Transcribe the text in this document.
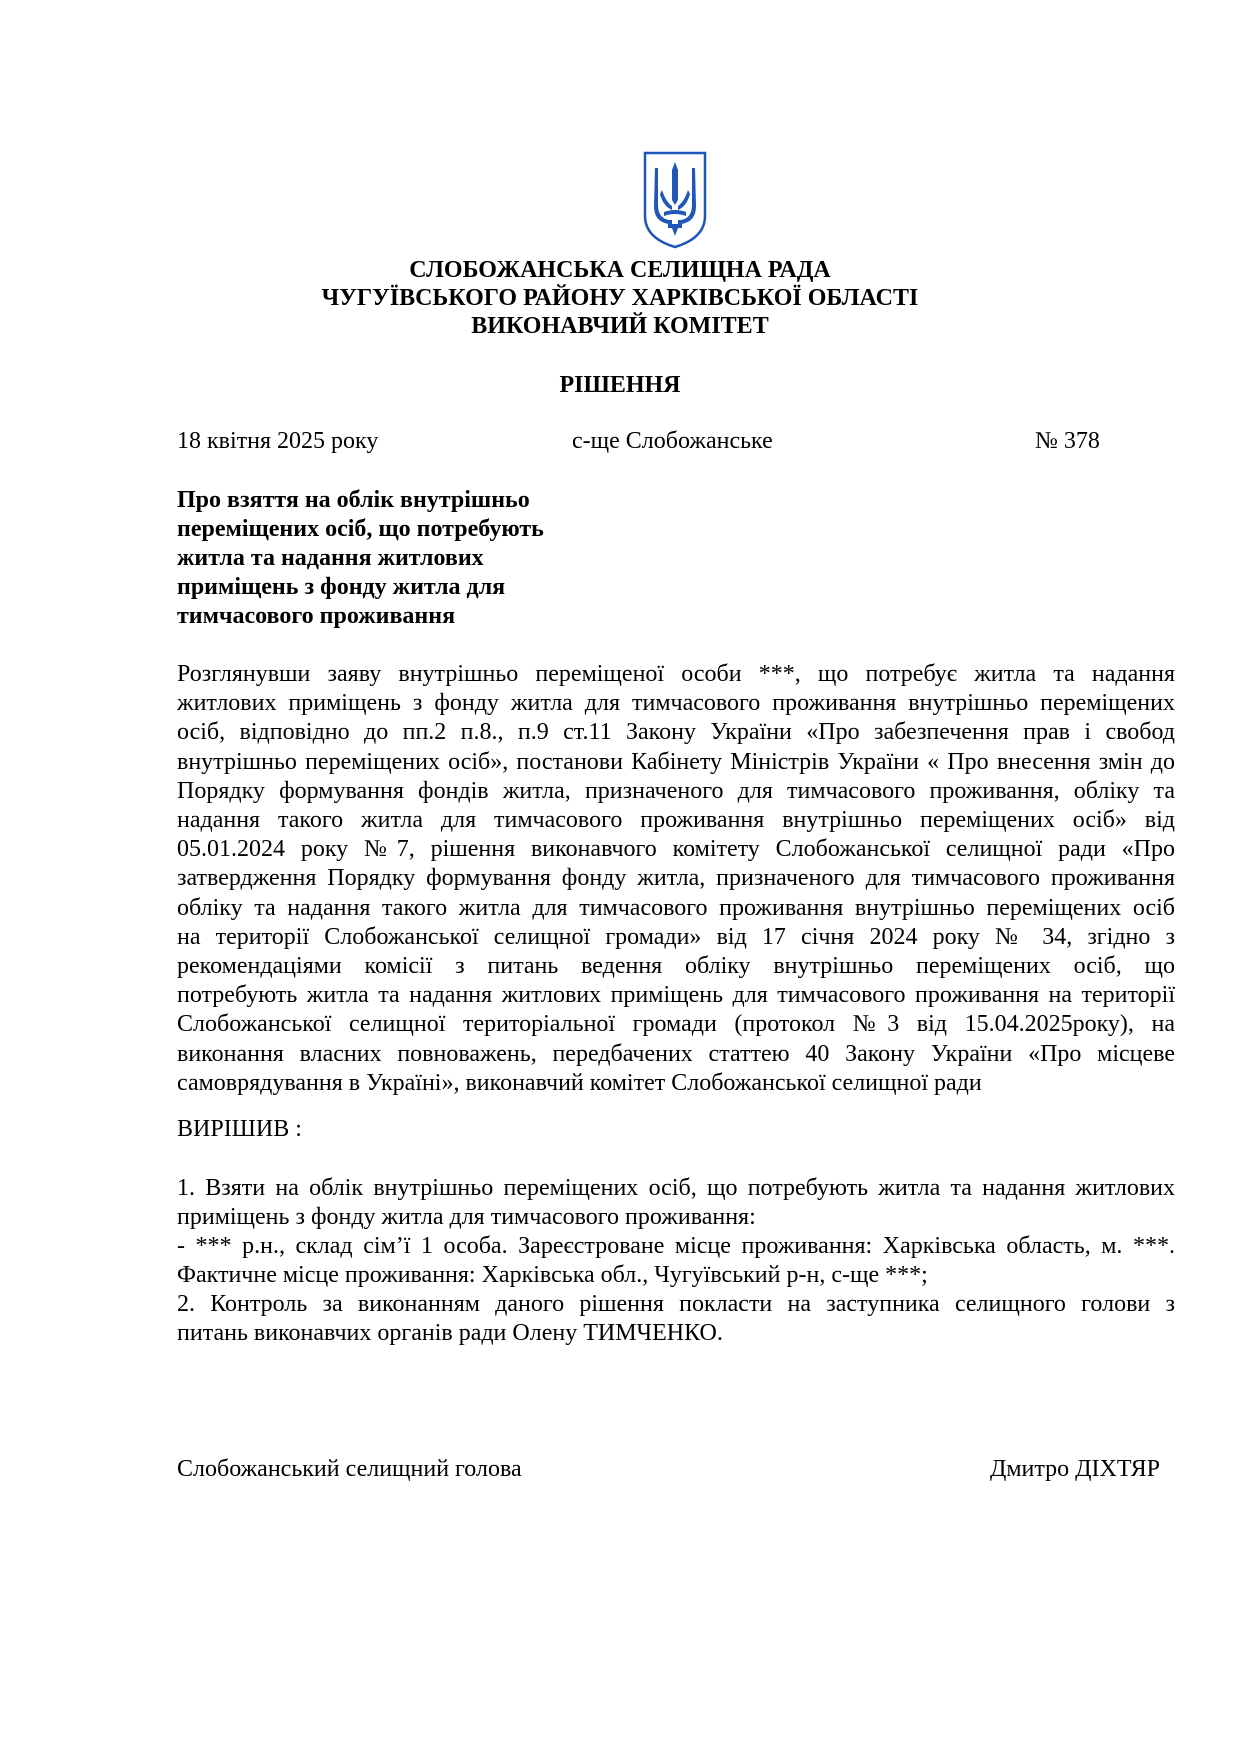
СЛОБОЖАНСЬКА СЕЛИЩНА РАДА
ЧУГУЇВСЬКОГО РАЙОНУ ХАРКІВСЬКОЇ ОБЛАСТІ
ВИКОНАВЧИЙ КОМІТЕТ
РІШЕННЯ
18 квітня 2025 року	с-ще Слобожанське	№ 378
Про взяття на облік внутрішньо
переміщених осіб, що потребують
житла та надання житлових
приміщень з фонду житла для
тимчасового проживання
Розглянувши заяву внутрішньо переміщеної особи ***, що потребує житла та надання
житлових приміщень з фонду житла для тимчасового проживання внутрішньо переміщених
осіб, відповідно до пп.2 п.8., п.9 ст.11 Закону України «Про забезпечення прав і свобод
внутрішньо переміщених осіб», постанови Кабінету Міністрів України « Про внесення змін до
Порядку формування фондів житла, призначеного для тимчасового проживання, обліку та
надання такого житла для тимчасового проживання внутрішньо переміщених осіб» від
05.01.2024 року №7, рішення виконавчого комітету Слобожанської селищної ради «Про
затвердження Порядку формування фонду житла, призначеного для тимчасового проживання
обліку та надання такого житла для тимчасового проживання внутрішньо переміщених осіб
на території Слобожанської селищної громади» від 17 січня 2024 року № 34, згідно з
рекомендаціями комісії з питань ведення обліку внутрішньо переміщених осіб, що
потребують житла та надання житлових приміщень для тимчасового проживання на території
Слобожанської селищної територіальної громади (протокол №3 від 15.04.2025року), на
виконання власних повноважень, передбачених статтею 40 Закону України «Про місцеве
самоврядування в Україні», виконавчий комітет Слобожанської селищної ради
ВИРІШИВ :
1. Взяти на облік внутрішньо переміщених осіб, що потребують житла та надання житлових
приміщень з фонду житла для тимчасового проживання:
- *** р.н., склад сім’ї 1 особа. Зареєстроване місце проживання: Харківська область, м. ***.
Фактичне місце проживання: Харківська обл., Чугуївський р-н, с-ще ***;
2. Контроль за виконанням даного рішення покласти на заступника селищного голови з
питань виконавчих органів ради Олену ТИМЧЕНКО.
Слобожанський селищний голова	Дмитро ДІХТЯР
